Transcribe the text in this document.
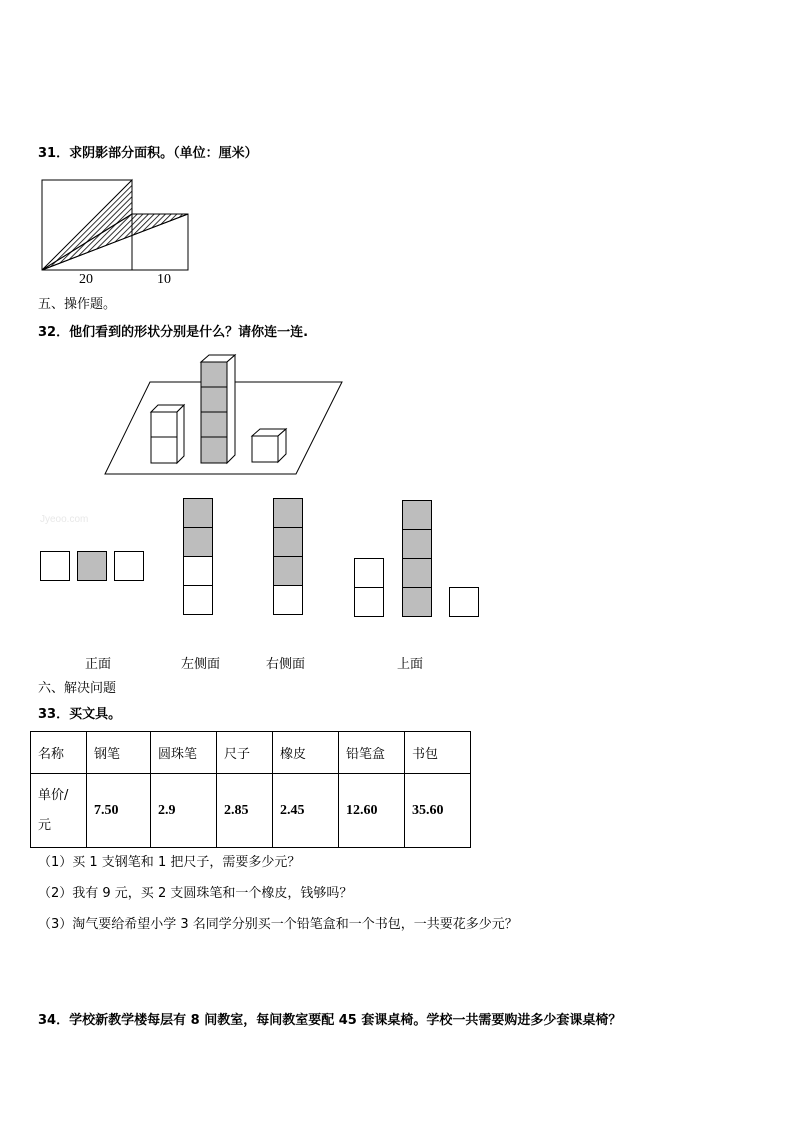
31．求阴影部分面积。（单位：厘米）
20	10
五、操作题。
32．他们看到的形状分别是什么？请你连一连.
Jyeoo.com
正面	左侧面	右侧面	上面
六、解决问题
33．买文具。
名称	钢笔	圆珠笔	尺子	橡皮	铅笔盒	书包

单价/
元	7.50	2.9	2.85	2.45	12.60	35.60
（1）买 1 支钢笔和 1 把尺子，需要多少元？
（2）我有 9 元，买 2 支圆珠笔和一个橡皮，钱够吗？
（3）淘气要给希望小学 3 名同学分别买一个铅笔盒和一个书包，一共要花多少元？
34．学校新教学楼每层有 8 间教室，每间教室要配 45 套课桌椅。学校一共需要购进多少套课桌椅？
